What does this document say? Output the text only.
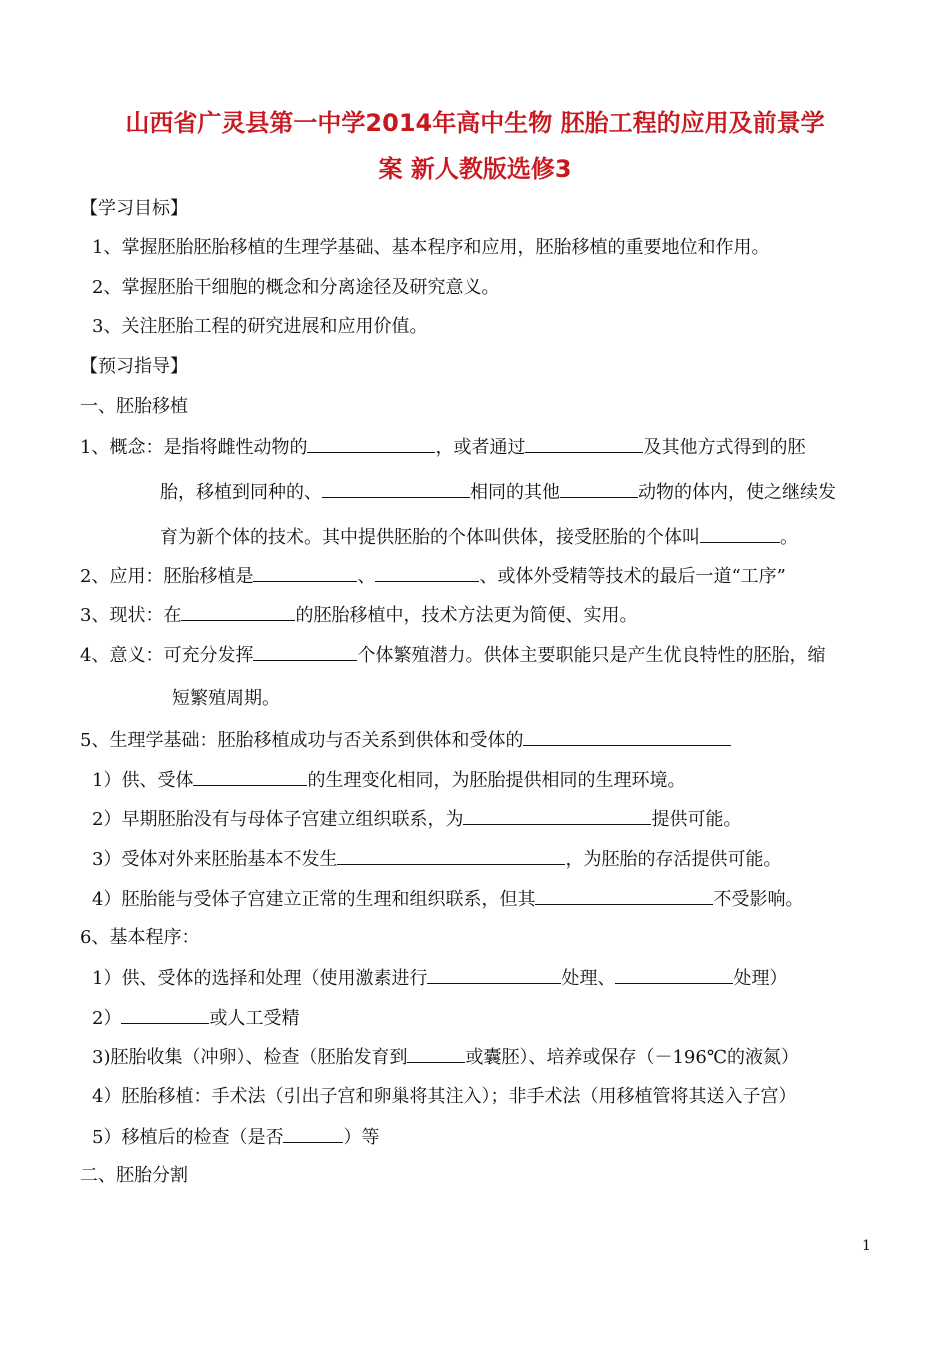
山西省广灵县第一中学2014年高中生物 胚胎工程的应用及前景学
案 新人教版选修3
【学习目标】
1、掌握胚胎胚胎移植的生理学基础、基本程序和应用，胚胎移植的重要地位和作用。
2、掌握胚胎干细胞的概念和分离途径及研究意义。
3、关注胚胎工程的研究进展和应用价值。
【预习指导】
一、胚胎移植
1、概念：是指将雌性动物的	，或者通过	及其他方式得到的胚
胎，移植到同种的、	相同的其他	动物的体内，使之继续发
育为新个体的技术。其中提供胚胎的个体叫供体，接受胚胎的个体叫	。
2、应用：胚胎移植是	、	、或体外受精等技术的最后一道“工序”
3、现状：在	的胚胎移植中，技术方法更为简便、实用。
4、意义：可充分发挥	个体繁殖潜力。供体主要职能只是产生优良特性的胚胎，缩
短繁殖周期。
5、生理学基础：胚胎移植成功与否关系到供体和受体的
1）供、受体	的生理变化相同，为胚胎提供相同的生理环境。
2）早期胚胎没有与母体子宫建立组织联系，为	提供可能。
3）受体对外来胚胎基本不发生	，为胚胎的存活提供可能。
4）胚胎能与受体子宫建立正常的生理和组织联系，但其	不受影响。
6、基本程序：
1）供、受体的选择和处理（使用激素进行	处理、	处理）
2）	或人工受精
3)胚胎收集（冲卵）、检查（胚胎发育到	或囊胚）、培养或保存（－196℃的液氮）
4）胚胎移植：手术法（引出子宫和卵巢将其注入）；非手术法（用移植管将其送入子宫）
5）移植后的检查（是否	）等
二、胚胎分割
1
